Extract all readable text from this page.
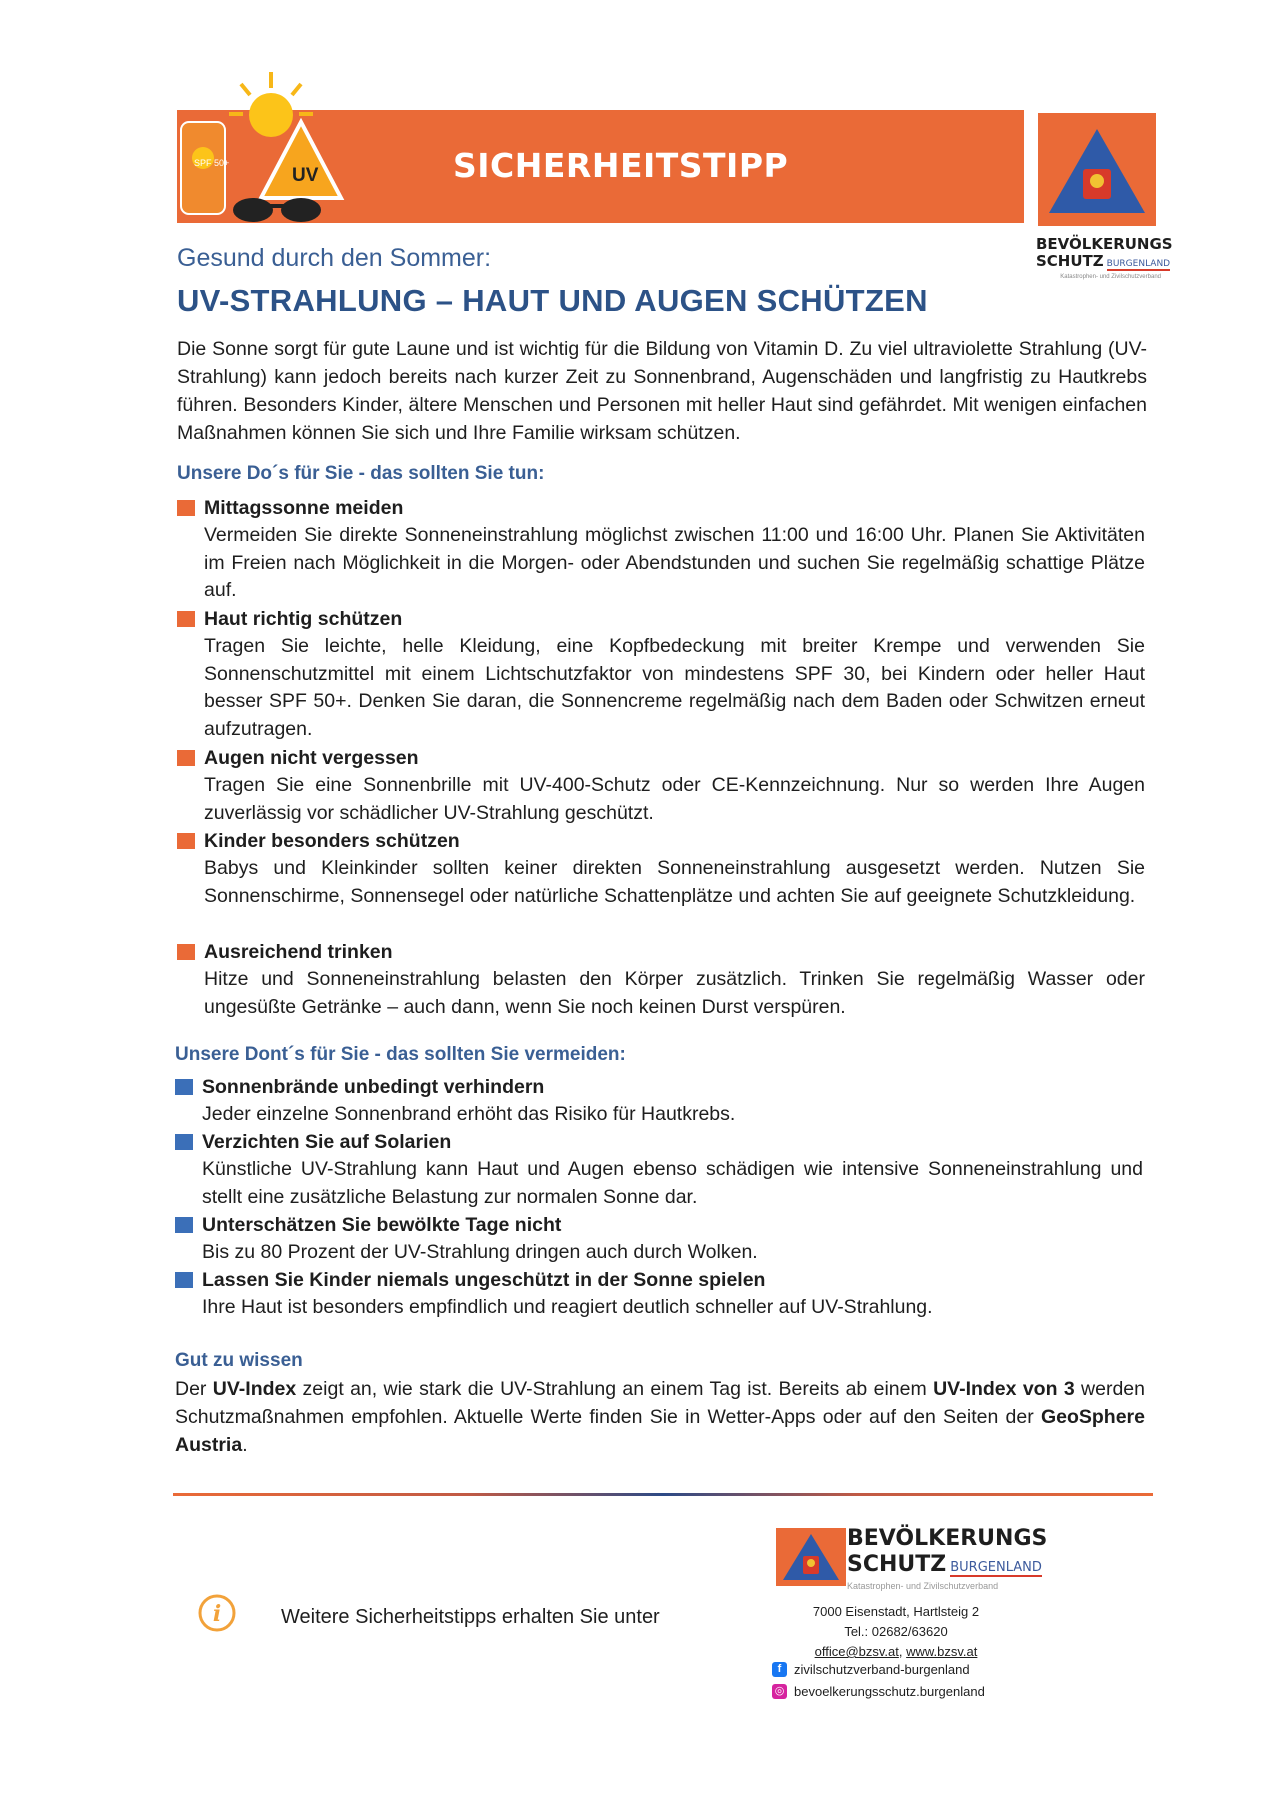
SPF 50+
UV	SICHERHEITSTIPP
BEVÖLKERUNGS
SCHUTZ BURGENLAND
Katastrophen- und Zivilschutzverband
Gesund durch den Sommer:
UV-STRAHLUNG – HAUT UND AUGEN SCHÜTZEN
Die Sonne sorgt für gute Laune und ist wichtig für die Bildung von Vitamin D. Zu viel ultraviolette Strahlung (UV-Strahlung) kann jedoch bereits nach kurzer Zeit zu Sonnenbrand, Augenschäden und langfristig zu Hautkrebs führen. Besonders Kinder, ältere Menschen und Personen mit heller Haut sind gefährdet. Mit wenigen einfachen Maßnahmen können Sie sich und Ihre Familie wirksam schützen.
Unsere Do´s für Sie - das sollten Sie tun:
Mittagssonne meiden
Vermeiden Sie direkte Sonneneinstrahlung möglichst zwischen 11:00 und 16:00 Uhr. Planen Sie Aktivitäten im Freien nach Möglichkeit in die Morgen- oder Abendstunden und suchen Sie regelmäßig schattige Plätze auf.
Haut richtig schützen
Tragen Sie leichte, helle Kleidung, eine Kopfbedeckung mit breiter Krempe und verwenden Sie Sonnenschutzmittel mit einem Lichtschutzfaktor von mindestens SPF 30, bei Kindern oder heller Haut besser SPF 50+. Denken Sie daran, die Sonnencreme regelmäßig nach dem Baden oder Schwitzen erneut aufzutragen.
Augen nicht vergessen
Tragen Sie eine Sonnenbrille mit UV-400-Schutz oder CE-Kennzeichnung. Nur so werden Ihre Augen zuverlässig vor schädlicher UV-Strahlung geschützt.
Kinder besonders schützen
Babys und Kleinkinder sollten keiner direkten Sonneneinstrahlung ausgesetzt werden. Nutzen Sie Sonnenschirme, Sonnensegel oder natürliche Schattenplätze und achten Sie auf geeignete Schutzkleidung.
Ausreichend trinken
Hitze und Sonneneinstrahlung belasten den Körper zusätzlich. Trinken Sie regelmäßig Wasser oder ungesüßte Getränke – auch dann, wenn Sie noch keinen Durst verspüren.
Unsere Dont´s für Sie - das sollten Sie vermeiden:
Sonnenbrände unbedingt verhindern
Jeder einzelne Sonnenbrand erhöht das Risiko für Hautkrebs.
Verzichten Sie auf Solarien
Künstliche UV-Strahlung kann Haut und Augen ebenso schädigen wie intensive Sonneneinstrahlung und stellt eine zusätzliche Belastung zur normalen Sonne dar.
Unterschätzen Sie bewölkte Tage nicht
Bis zu 80 Prozent der UV-Strahlung dringen auch durch Wolken.
Lassen Sie Kinder niemals ungeschützt in der Sonne spielen
Ihre Haut ist besonders empfindlich und reagiert deutlich schneller auf UV-Strahlung.
Gut zu wissen
Der UV-Index zeigt an, wie stark die UV-Strahlung an einem Tag ist. Bereits ab einem UV-Index von 3 werden Schutzmaßnahmen empfohlen. Aktuelle Werte finden Sie in Wetter-Apps oder auf den Seiten der GeoSphere Austria.
BEVÖLKERUNGS
SCHUTZ BURGENLAND
Katastrophen- und Zivilschutzverband
i	Weitere Sicherheitstipps erhalten Sie unter	7000 Eisenstadt, Hartlsteig 2
Tel.: 02682/63620
office@bzsv.at, www.bzsv.at
f zivilschutzverband-burgenland
◎ bevoelkerungsschutz.burgenland
